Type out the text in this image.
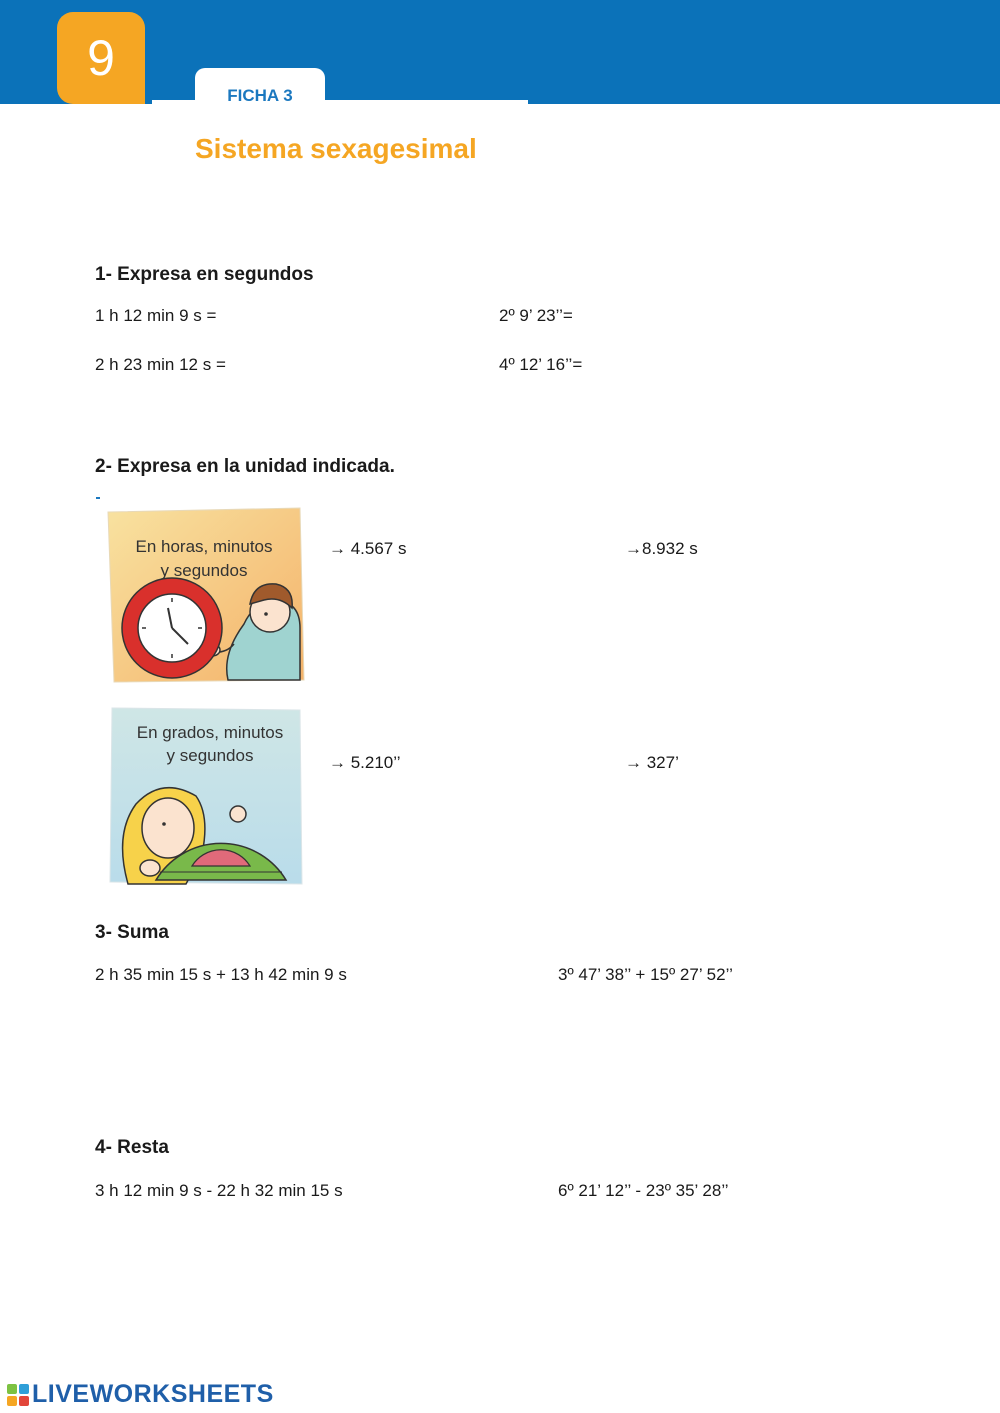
9
FICHA 3
Sistema sexagesimal
1- Expresa en segundos
1 h 12 min 9 s =	2º 9’ 23’’=
2 h 23 min 12 s =	4º 12’ 16’’=
2- Expresa en la unidad indicada.
En horas, minutos
y segundos
→ 4.567 s	→8.932 s
En grados, minutos
y segundos	→ 5.210’’	→ 327’
3- Suma
2 h 35 min 15 s + 13 h 42 min 9 s	3º 47’ 38’’ + 15º 27’ 52’’
4- Resta
3 h 12 min 9 s - 22 h 32 min 15 s	6º 21’ 12’’ - 23º 35’ 28’’
LIVEWORKSHEETS
